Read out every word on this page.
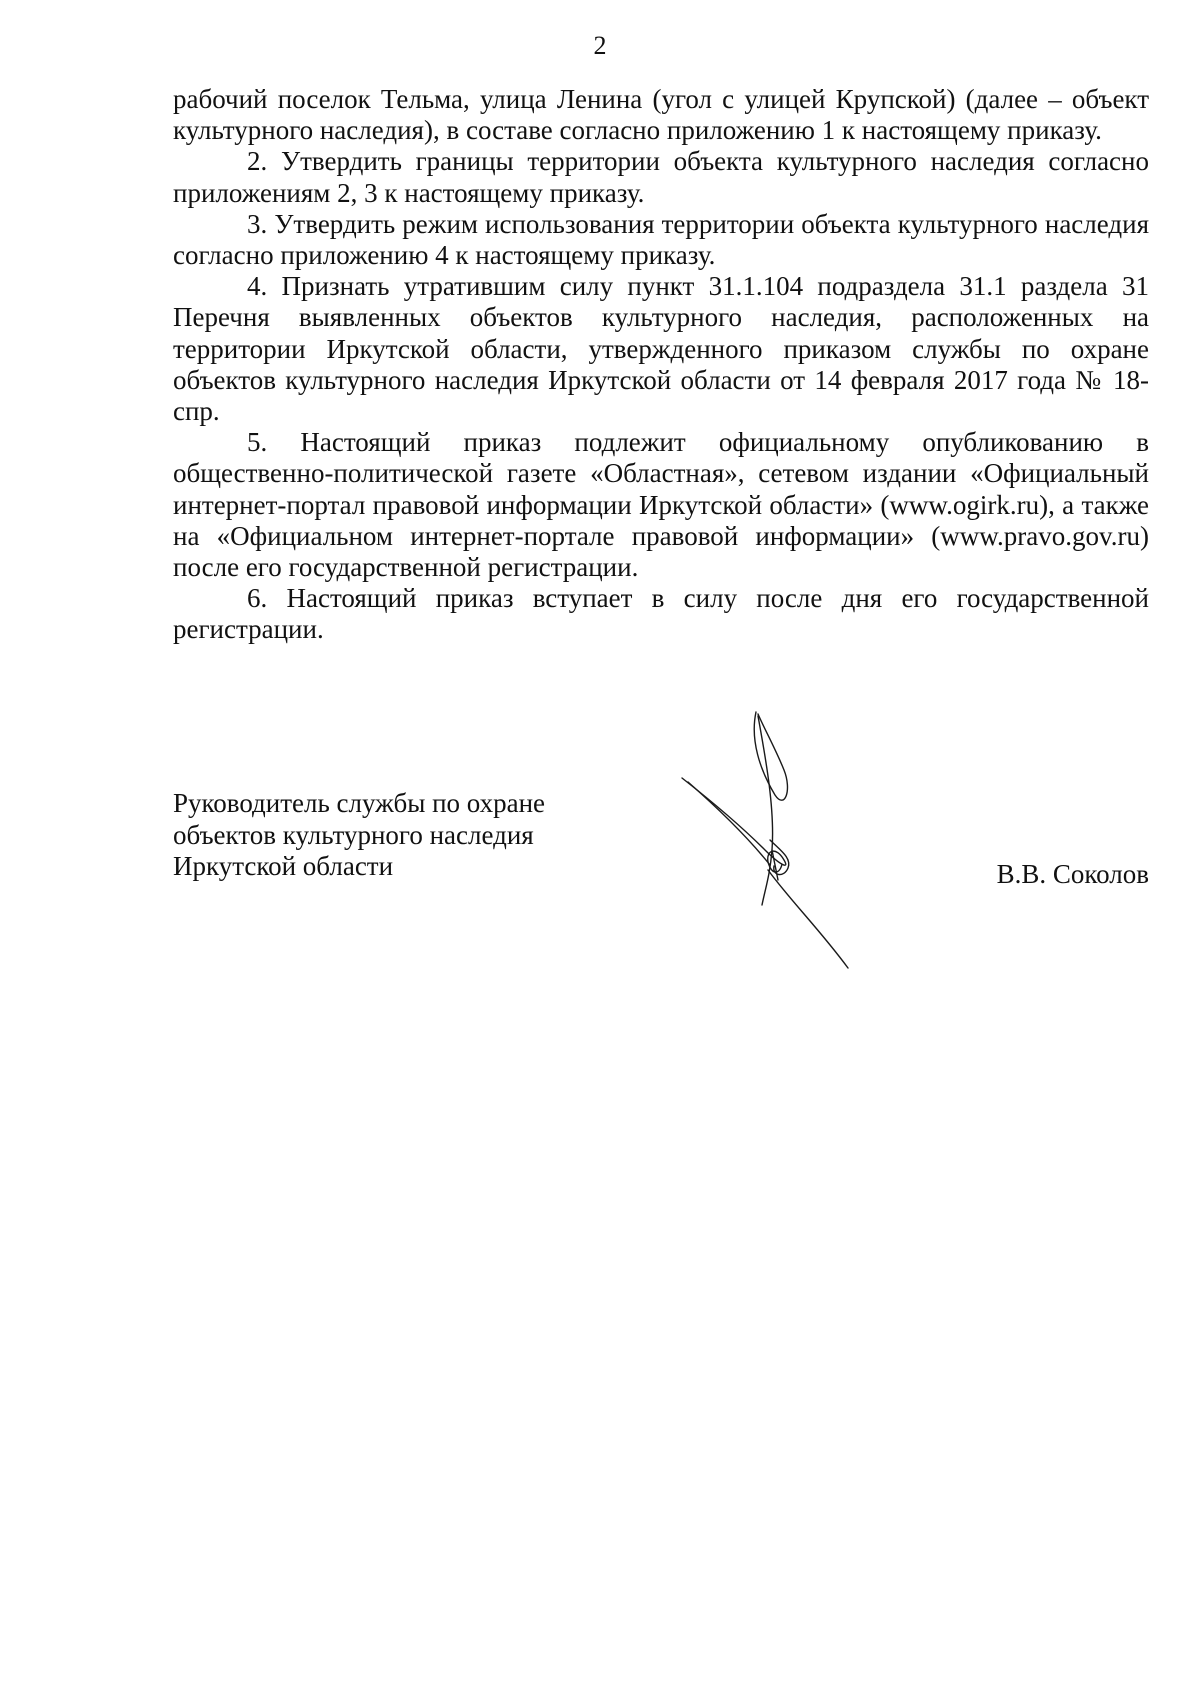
2

рабочий поселок Тельма, улица Ленина (угол с улицей Крупской) (далее – объект культурного наследия), в составе согласно приложению 1 к настоящему приказу.

2. Утвердить границы территории объекта культурного наследия согласно приложениям 2, 3 к настоящему приказу.

3. Утвердить режим использования территории объекта культурного наследия согласно приложению 4 к настоящему приказу.

4. Признать утратившим силу пункт 31.1.104 подраздела 31.1 раздела 31 Перечня выявленных объектов культурного наследия, расположенных на территории Иркутской области, утвержденного приказом службы по охране объектов культурного наследия Иркутской области от 14 февраля 2017 года № 18-спр.

5. Настоящий приказ подлежит официальному опубликованию в общественно-политической газете «Областная», сетевом издании «Официальный интернет-портал правовой информации Иркутской области» (www.ogirk.ru), а также на «Официальном интернет-портале правовой информации» (www.pravo.gov.ru) после его государственной регистрации.

6. Настоящий приказ вступает в силу после дня его государственной регистрации.

Руководитель службы по охране
объектов культурного наследия
Иркутской области	В.В. Соколов
